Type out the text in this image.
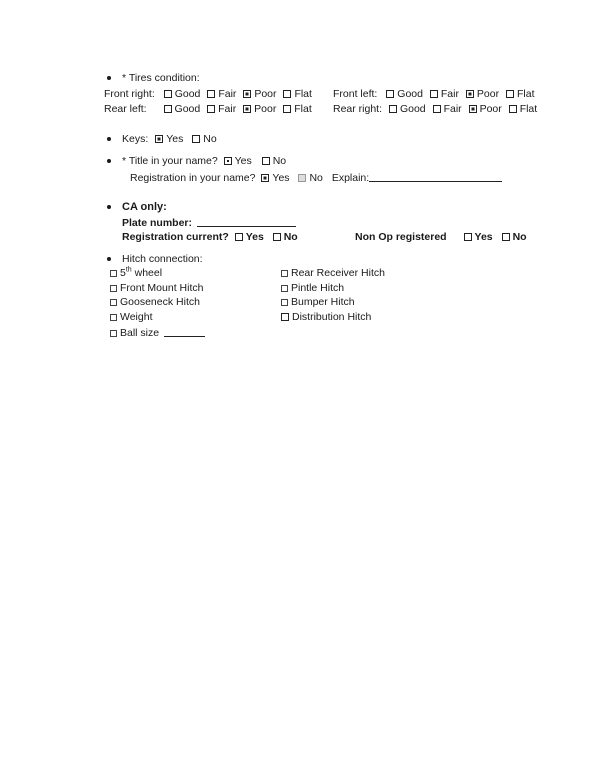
* Tires condition:
Front right: Good Fair Poor Flat	Front left: Good Fair Poor Flat
Rear left:	Good Fair Poor Flat	Rear right: Good Fair Poor Flat
Keys: Yes No
* Title in your name? Yes No
Registration in your name? Yes No Explain:
CA only:
Plate number:
Registration current? Yes No	Non Op registered	Yes No
Hitch connection:
5th wheel
Front Mount Hitch
Gooseneck Hitch
Weight
Ball size
Rear Receiver Hitch
Pintle Hitch
Bumper Hitch
Distribution Hitch
